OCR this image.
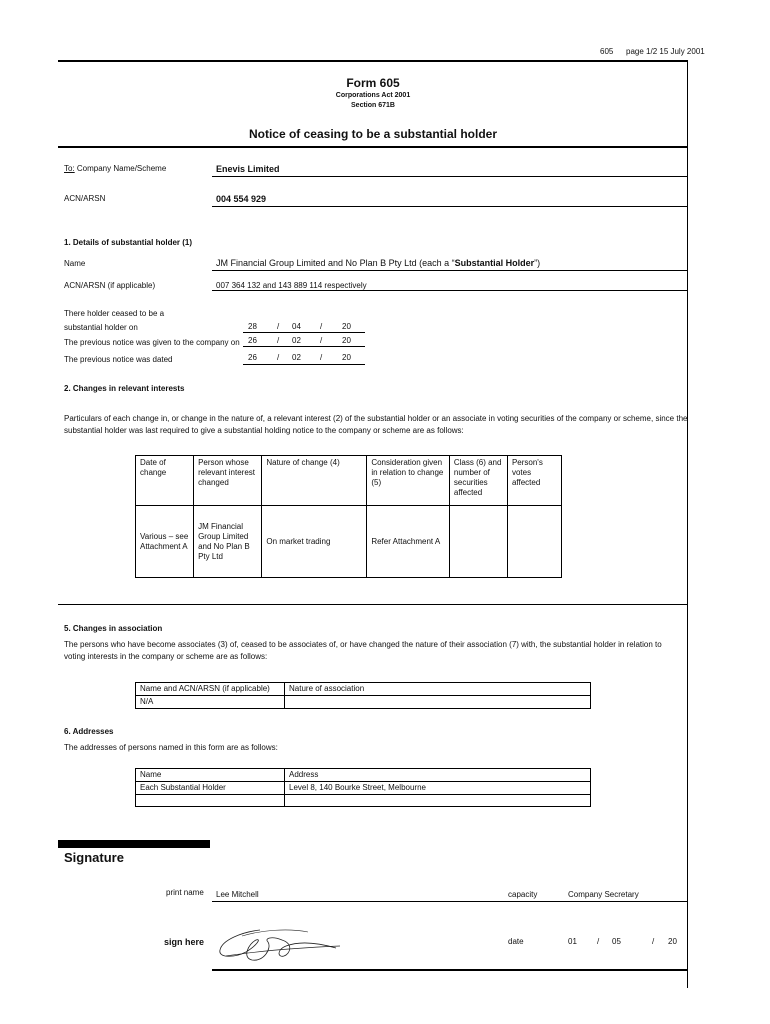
605 page 1/2 15 July 2001
Form 605
Corporations Act 2001
Section 671B
Notice of ceasing to be a substantial holder
To: Company Name/Scheme	Enevis Limited
ACN/ARSN	004 554 929
1. Details of substantial holder (1)
Name	JM Financial Group Limited and No Plan B Pty Ltd (each a “Substantial Holder”)
ACN/ARSN (if applicable)	007 364 132 and 143 889 114 respectively
There holder ceased to be a
substantial holder on	28	/ 04 / 20
The previous notice was given to the company on 26	/ 02 / 20
The previous notice was dated	26	/ 02 / 20
2. Changes in relevant interests
Particulars of each change in, or change in the nature of, a relevant interest (2) of the substantial holder or an associate in voting securities of the company or scheme, since the
substantial holder was last required to give a substantial holding notice to the company or scheme are as follows:
Date of change	Person whose relevant interest changed	Nature of change (4)	Consideration given in relation to change (5)	Class (6) and number of securities affected	Person's votes affected
Various – see Attachment A	JM Financial Group Limited and No Plan B Pty Ltd	On market trading	Refer Attachment A		
5. Changes in association
The persons who have become associates (3) of, ceased to be associates of, or have changed the nature of their association (7) with, the substantial holder in relation to
voting interests in the company or scheme are as follows:
Name and ACN/ARSN (if applicable)	Nature of association
N/A	
6. Addresses
The addresses of persons named in this form are as follows:
Name	Address
Each Substantial Holder	Level 8, 140 Bourke Street, Melbourne

Signature
print name Lee Mitchell	capacity	Company Secretary
sign here	date	01	/ 05	/ 20
